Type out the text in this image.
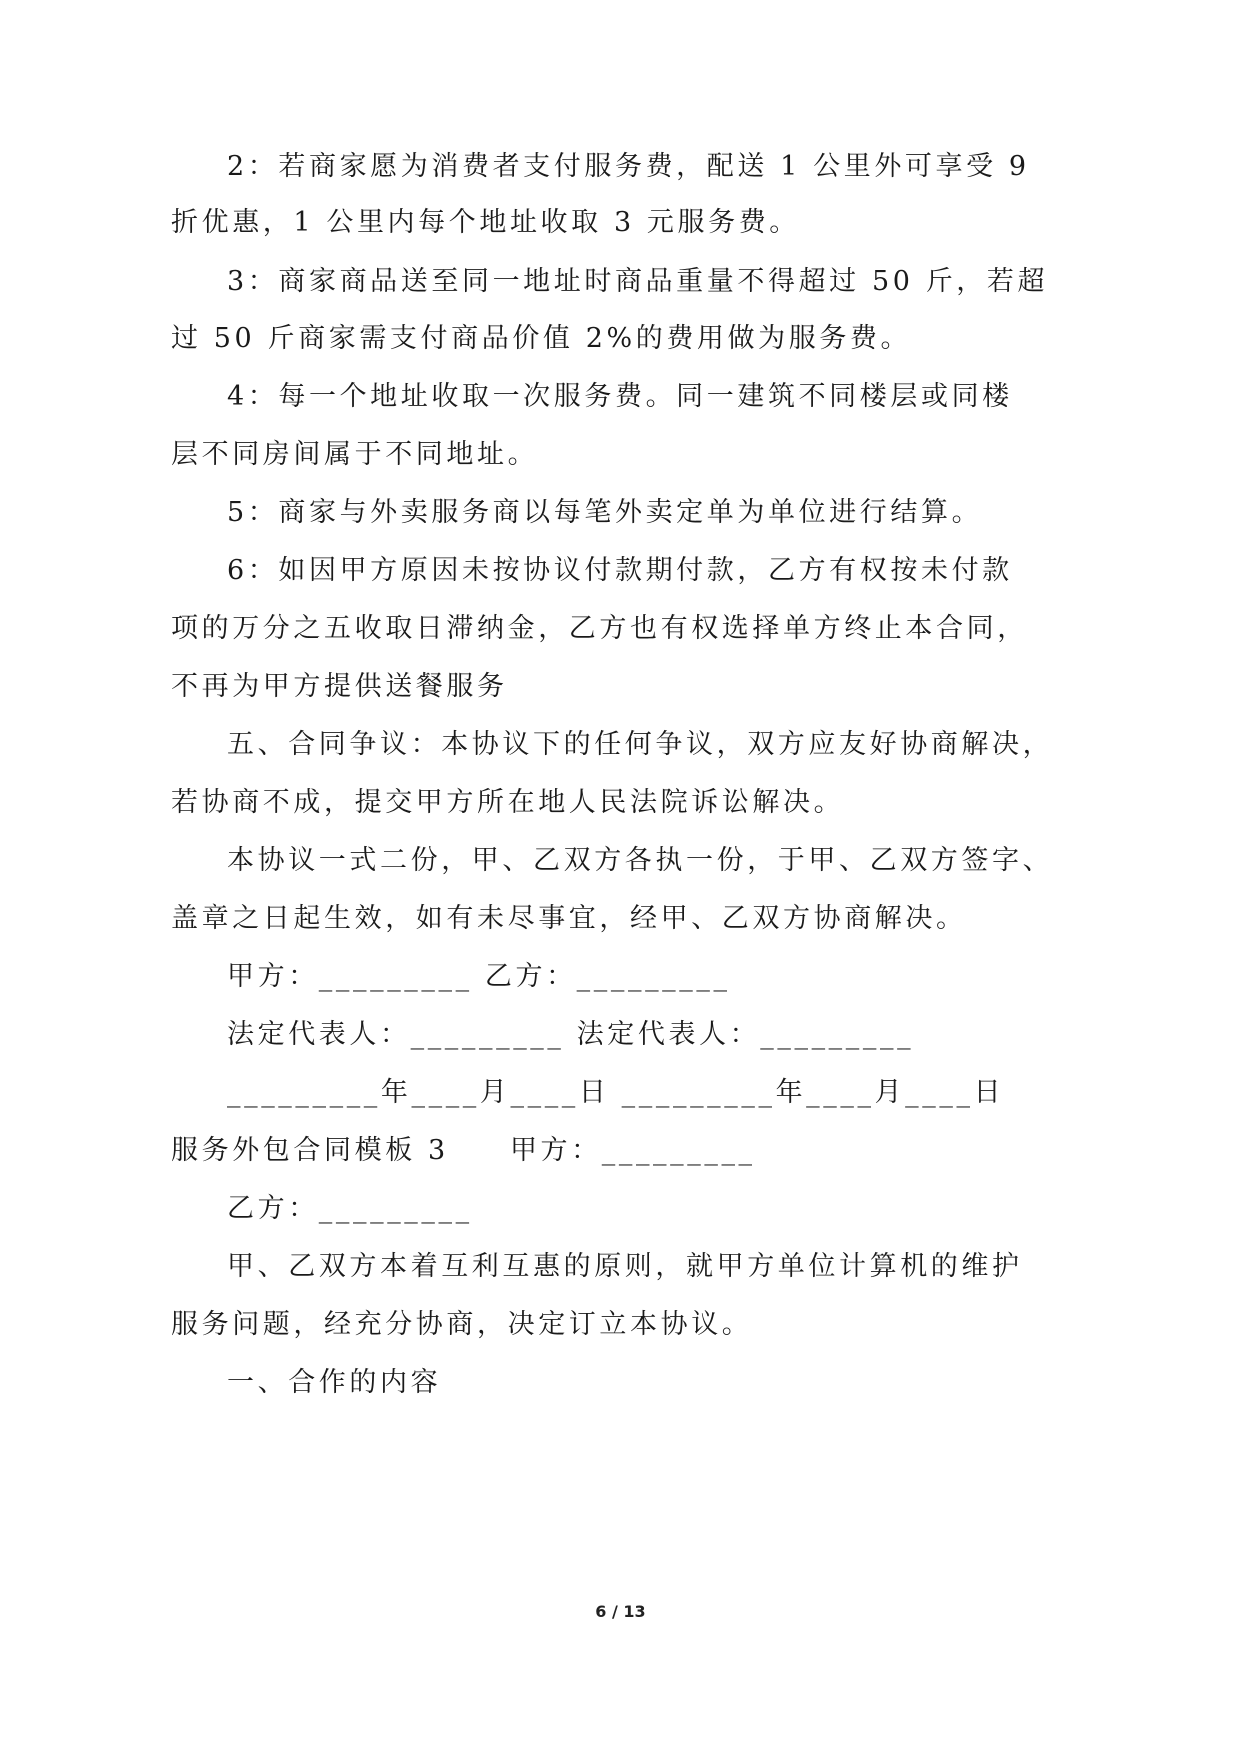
2：若商家愿为消费者支付服务费，配送 1 公里外可享受 9
折优惠，1 公里内每个地址收取 3 元服务费。
3：商家商品送至同一地址时商品重量不得超过 50 斤，若超
过 50 斤商家需支付商品价值 2%的费用做为服务费。
4：每一个地址收取一次服务费。同一建筑不同楼层或同楼
层不同房间属于不同地址。
5：商家与外卖服务商以每笔外卖定单为单位进行结算。
6：如因甲方原因未按协议付款期付款，乙方有权按未付款
项的万分之五收取日滞纳金，乙方也有权选择单方终止本合同，
不再为甲方提供送餐服务
五、合同争议：本协议下的任何争议，双方应友好协商解决，
若协商不成，提交甲方所在地人民法院诉讼解决。
本协议一式二份，甲、乙双方各执一份，于甲、乙双方签字、
盖章之日起生效，如有未尽事宜，经甲、乙双方协商解决。
甲方：_________ 乙方：_________
法定代表人：_________ 法定代表人：_________
_________年____月____日 _________年____月____日
服务外包合同模板 3　　甲方：_________
乙方：_________
甲、乙双方本着互利互惠的原则，就甲方单位计算机的维护
服务问题，经充分协商，决定订立本协议。
一、合作的内容
6 / 13
